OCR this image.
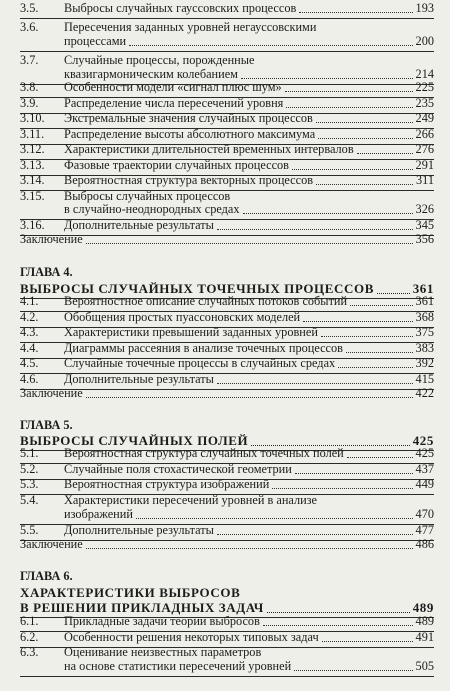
3.5. Выбросы случайных гауссовских процессов	193
3.6. Пересечения заданных уровней негауссовскими
процессами	200
3.7. Случайные процессы, порожденные
квазигармоническим колебанием	214
3.8. Особенности модели «сигнал плюс шум»	225
3.9. Распределение числа пересечений уровня	235
3.10. Экстремальные значения случайных процессов	249
3.11. Распределение высоты абсолютного максимума	266
3.12. Характеристики длительностей временных интервалов	276
3.13. Фазовые траектории случайных процессов	291
3.14. Вероятностная структура векторных процессов	311
3.15. Выбросы случайных процессов
в случайно-неоднородных средах	326
3.16. Дополнительные результаты	345
Заключение	356
ГЛАВА 4.
ВЫБРОСЫ СЛУЧАЙНЫХ ТОЧЕЧНЫХ ПРОЦЕССОВ	361
4.1. Вероятностное описание случайных потоков событий	361
4.2. Обобщения простых пуассоновских моделей	368
4.3. Характеристики превышений заданных уровней	375
4.4. Диаграммы рассеяния в анализе точечных процессов	383
4.5. Случайные точечные процессы в случайных средах	392
4.6. Дополнительные результаты	415
Заключение	422
ГЛАВА 5.
ВЫБРОСЫ СЛУЧАЙНЫХ ПОЛЕЙ	425
5.1. Вероятностная структура случайных точечных полей	425
5.2. Случайные поля стохастической геометрии	437
5.3. Вероятностная структура изображений	449
5.4. Характеристики пересечений уровней в анализе
изображений	470
5.5. Дополнительные результаты	477
Заключение	486
ГЛАВА 6.
ХАРАКТЕРИСТИКИ ВЫБРОСОВ
В РЕШЕНИИ ПРИКЛАДНЫХ ЗАДАЧ	489
6.1. Прикладные задачи теории выбросов	489
6.2. Особенности решения некоторых типовых задач	491
6.3. Оценивание неизвестных параметров
на основе статистики пересечений уровней	505
